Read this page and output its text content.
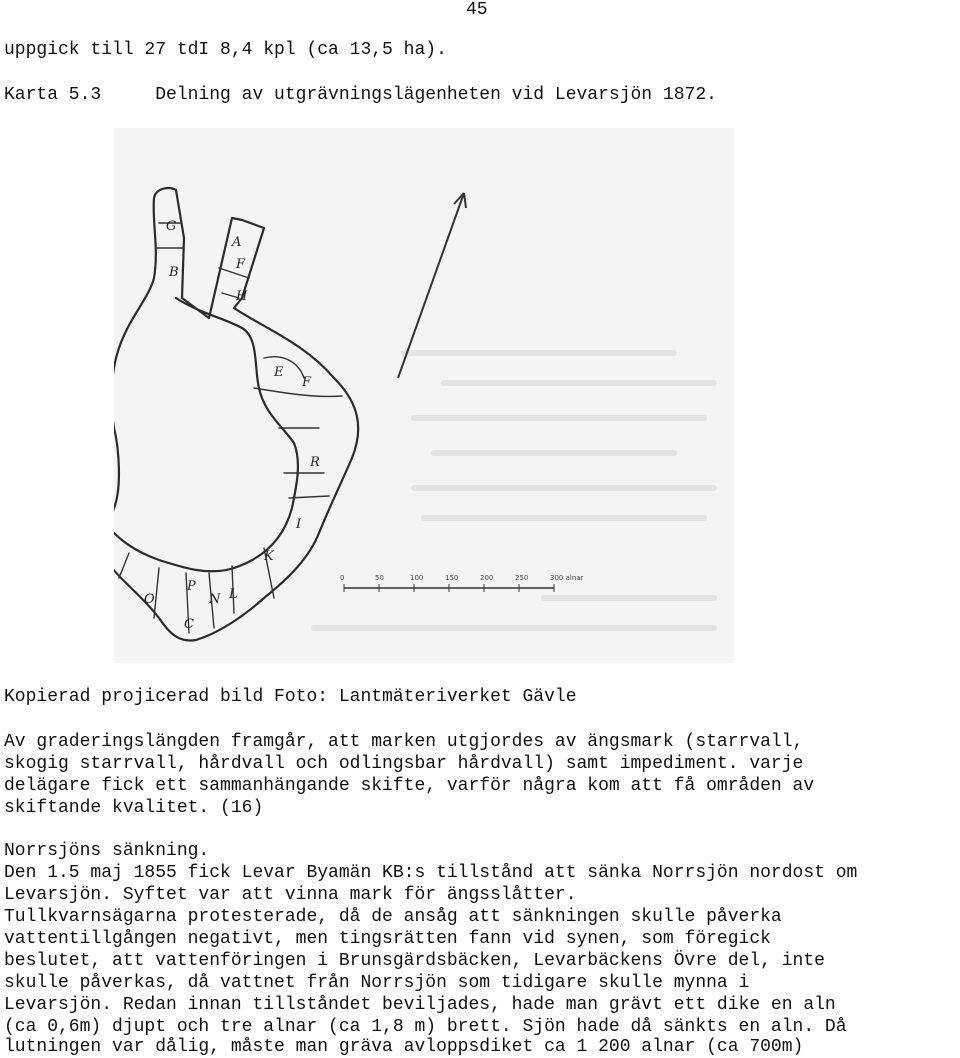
45
uppgick till 27 tdI 8,4 kpl (ca 13,5 ha).
Karta 5.3     Delning av utgrävningslägenheten vid Levarsjön 1872.
0	50	100	150	200	250	300 alnar
G
B
A
F
H
E
F
R
I
K
L
N
P
O
C
Kopierad projicerad bild Foto: Lantmäteriverket Gävle
Av graderingslängden framgår, att marken utgjordes av ängsmark (starrvall,
skogig starrvall, hårdvall och odlingsbar hårdvall) samt impediment. varje
delägare fick ett sammanhängande skifte, varför några kom att få områden av
skiftande kvalitet. (16)
Norrsjöns sänkning.
Den 1.5 maj 1855 fick Levar Byamän KB:s tillstånd att sänka Norrsjön nordost om
Levarsjön. Syftet var att vinna mark för ängsslåtter.
Tullkvarnsägarna protesterade, då de ansåg att sänkningen skulle påverka
vattentillgången negativt, men tingsrätten fann vid synen, som föregick
beslutet, att vattenföringen i Brunsgärdsbäcken, Levarbäckens Övre del, inte
skulle påverkas, då vattnet från Norrsjön som tidigare skulle mynna i
Levarsjön. Redan innan tillståndet beviljades, hade man grävt ett dike en aln
(ca 0,6m) djupt och tre alnar (ca 1,8 m) brett. Sjön hade då sänkts en aln. Då
lutningen var dålig, måste man gräva avloppsdiket ca 1 200 alnar (ca 700m)
